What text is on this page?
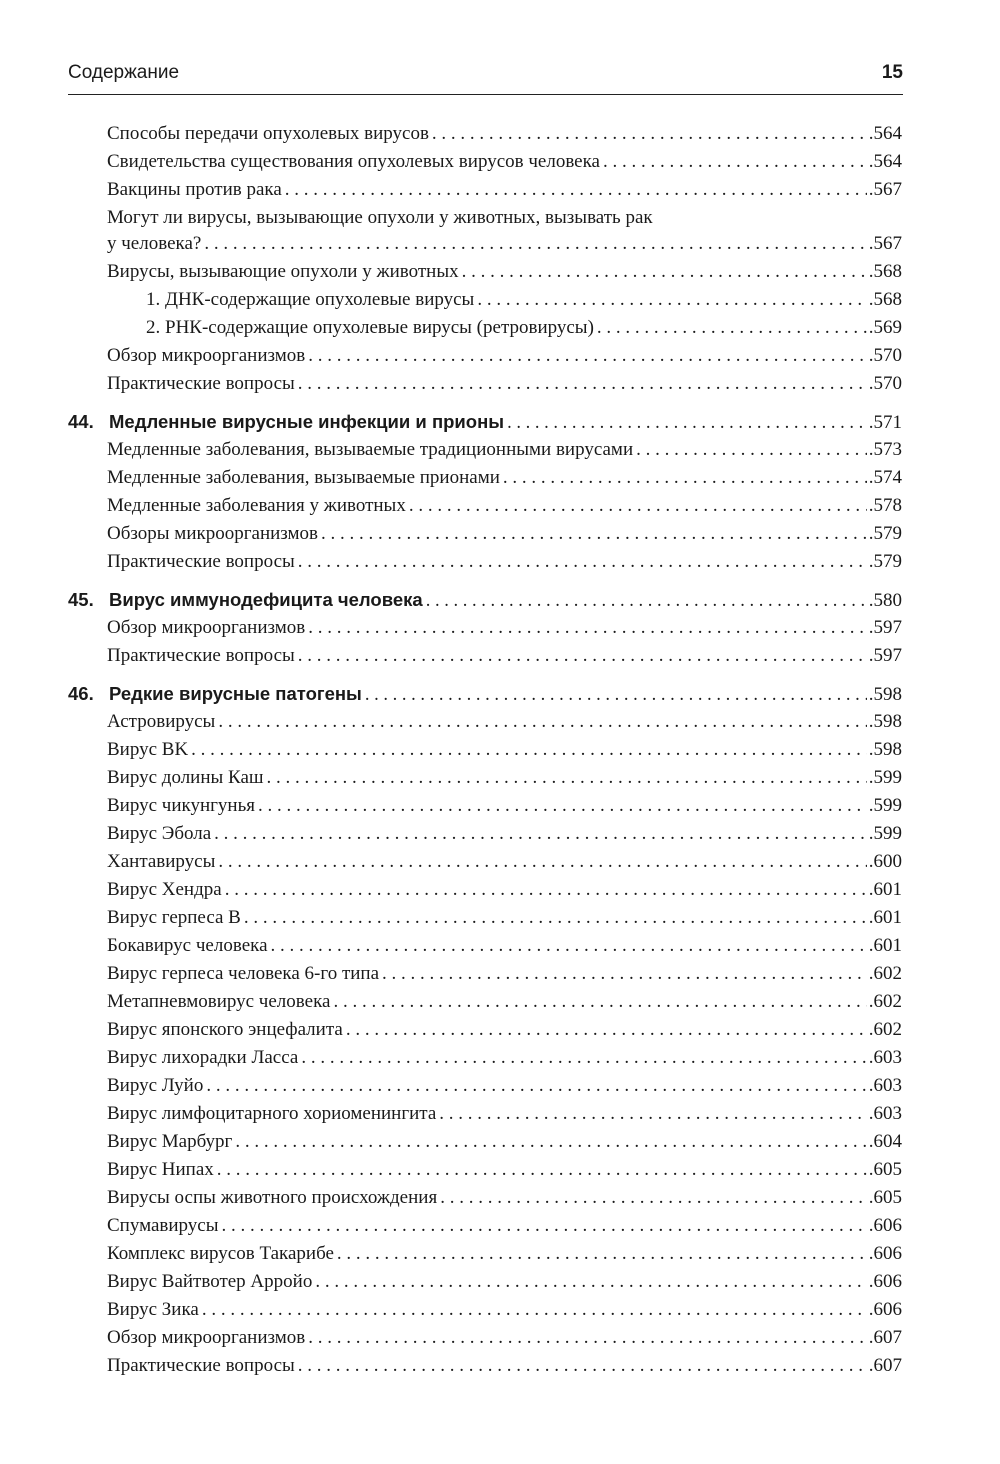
Содержание	15
Способы передачи опухолевых вирусов . . .	.564
Свидетельства существования опухолевых вирусов человека . . .	.564
Вакцины против рака . . .	.567
Могут ли вирусы, вызывающие опухоли у животных, вызывать рак
у человека? . . .	.567
Вирусы, вызывающие опухоли у животных . . .	.568
1. ДНК-содержащие опухолевые вирусы . . .	.568
2. РНК-содержащие опухолевые вирусы (ретровирусы) . . .	.569
Обзор микроорганизмов . . .	.570
Практические вопросы . . .	.570
44. Медленные вирусные инфекции и прионы . . .	.571
Медленные заболевания, вызываемые традиционными вирусами . . .	.573
Медленные заболевания, вызываемые прионами . . .	.574
Медленные заболевания у животных . . .	.578
Обзоры микроорганизмов . . .	.579
Практические вопросы . . .	.579
45. Вирус иммунодефицита человека . . .	.580
Обзор микроорганизмов . . .	.597
Практические вопросы . . .	.597
46. Редкие вирусные патогены . . .	.598
Астровирусы . . .	.598
Вирус BK . . .	.598
Вирус долины Каш . . .	.599
Вирус чикунгунья . . .	.599
Вирус Эбола . . .	.599
Хантавирусы . . .	.600
Вирус Хендра . . .	.601
Вирус герпеса B . . .	.601
Бокавирус человека . . .	.601
Вирус герпеса человека 6-го типа . . .	.602
Метапневмовирус человека . . .	.602
Вирус японского энцефалита . . .	.602
Вирус лихорадки Ласса . . .	.603
Вирус Луйо . . .	.603
Вирус лимфоцитарного хориоменингита . . .	.603
Вирус Марбург . . .	.604
Вирус Нипах . . .	.605
Вирусы оспы животного происхождения . . .	.605
Спумавирусы . . .	.606
Комплекс вирусов Такарибе . . .	.606
Вирус Вайтвотер Арройо . . .	.606
Вирус Зика . . .	.606
Обзор микроорганизмов . . .	.607
Практические вопросы . . .	.607
